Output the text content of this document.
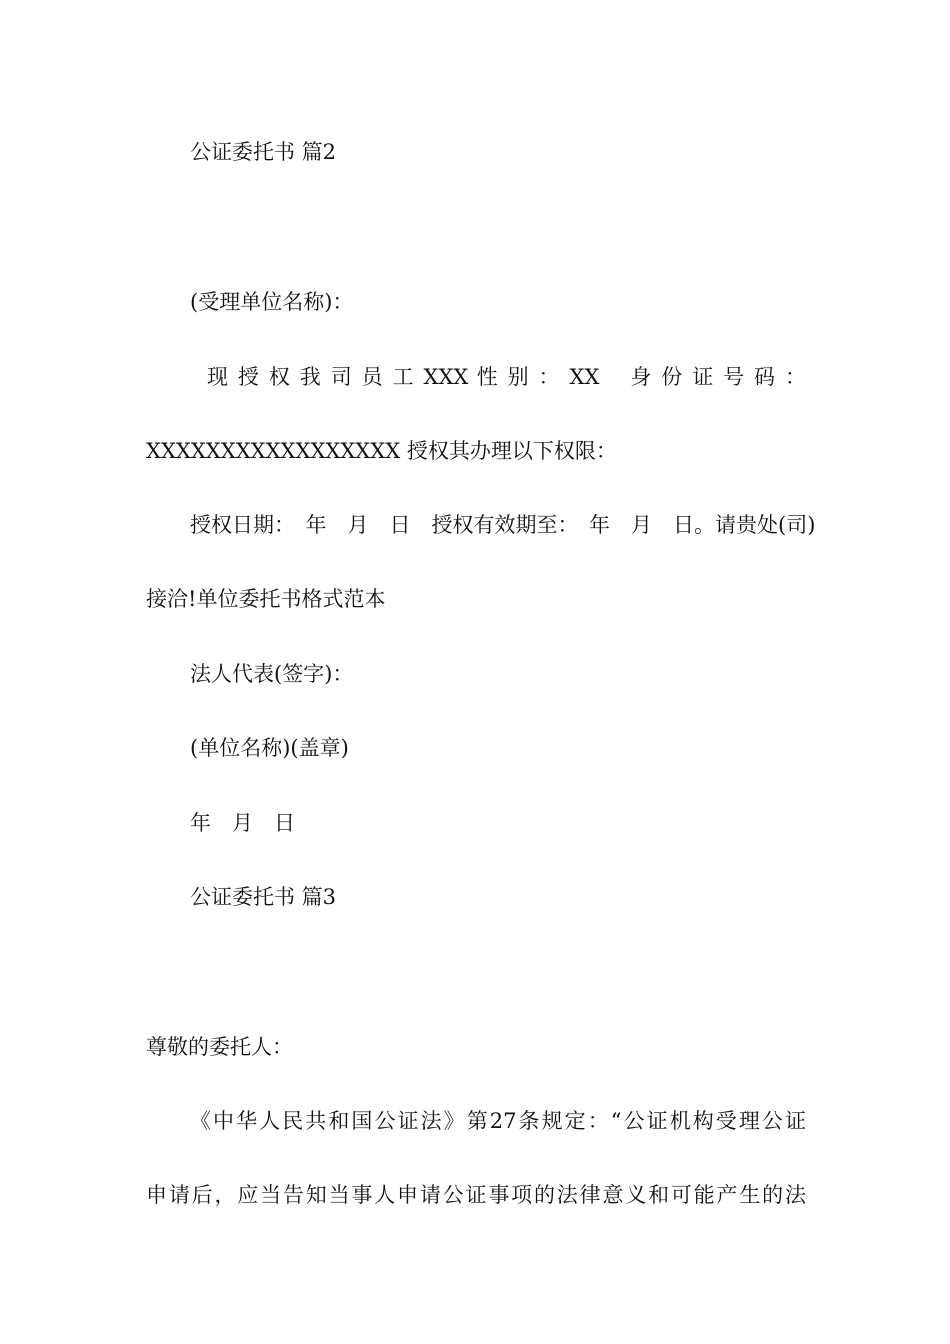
公证委托书 篇2
(受理单位名称)：
现 授 权 我 司 员 工 XXX 性 别 ： XX 　身 份 证 号 码 ：
XXXXXXXXXXXXXXXXX 授权其办理以下权限：
授权日期：　年　月　日　授权有效期至：　年　月　日。请贵处(司)
接洽!单位委托书格式范本
法人代表(签字)：
(单位名称)(盖章)
年　月　日
公证委托书 篇3
尊敬的委托人：
《中华人民共和国公证法》第27条规定：“公证机构受理公证
申请后，应当告知当事人申请公证事项的法律意义和可能产生的法
